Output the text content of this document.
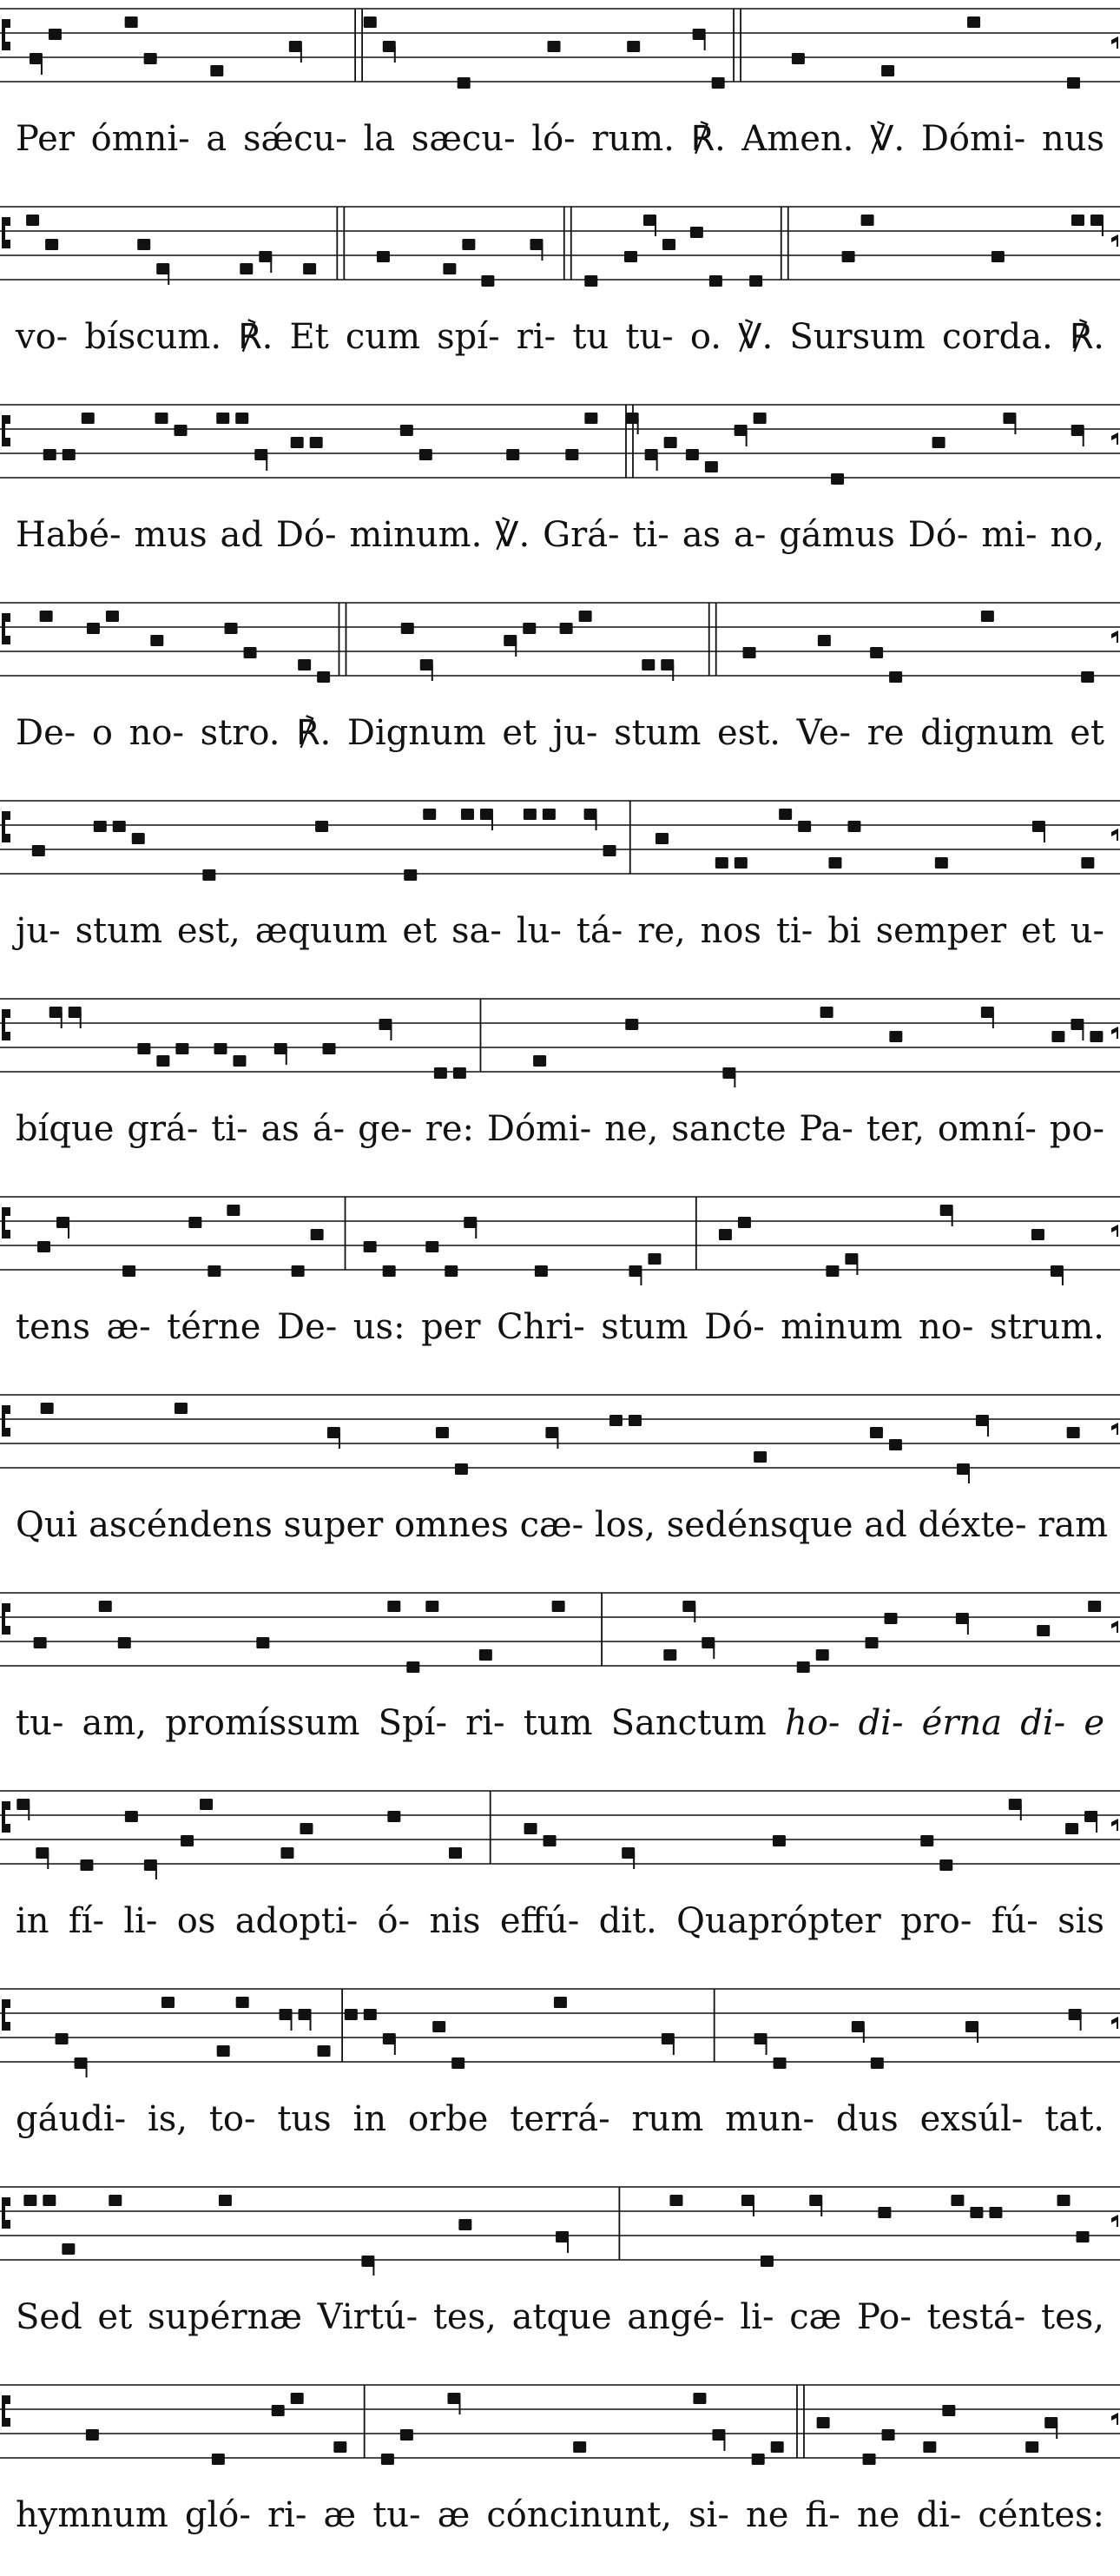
Per ómni- a sǽcu- la sæcu- ló- rum. ℟. Amen. ℣. Dómi- nus
vo- bíscum. ℟. Et cum spí- ri- tu tu- o. ℣. Sursum corda. ℟.
Habé- mus ad Dó- minum. ℣. Grá- ti- as a- gámus Dó- mi- no,
De- o no- stro. ℟. Dignum et ju- stum est. Ve- re dignum et
ju- stum est, æquum et sa- lu- tá- re, nos ti- bi semper et u-
bíque grá- ti- as á- ge- re: Dómi- ne, sancte Pa- ter, omní- po-
tens æ- térne De- us: per Chri- stum Dó- minum no- strum.
Qui ascéndens super omnes cæ- los, sedénsque ad déxte- ram
tu- am, promíssum Spí- ri- tum Sanctum ho- di- érna di- e
in fí- li- os adopti- ó- nis effú- dit. Quaprópter pro- fú- sis
gáudi- is, to- tus in orbe terrá- rum mun- dus exsúl- tat.
Sed et supérnæ Virtú- tes, atque angé- li- cæ Po- testá- tes,
hymnum gló- ri- æ tu- æ cóncinunt, si- ne fi- ne di- céntes:
